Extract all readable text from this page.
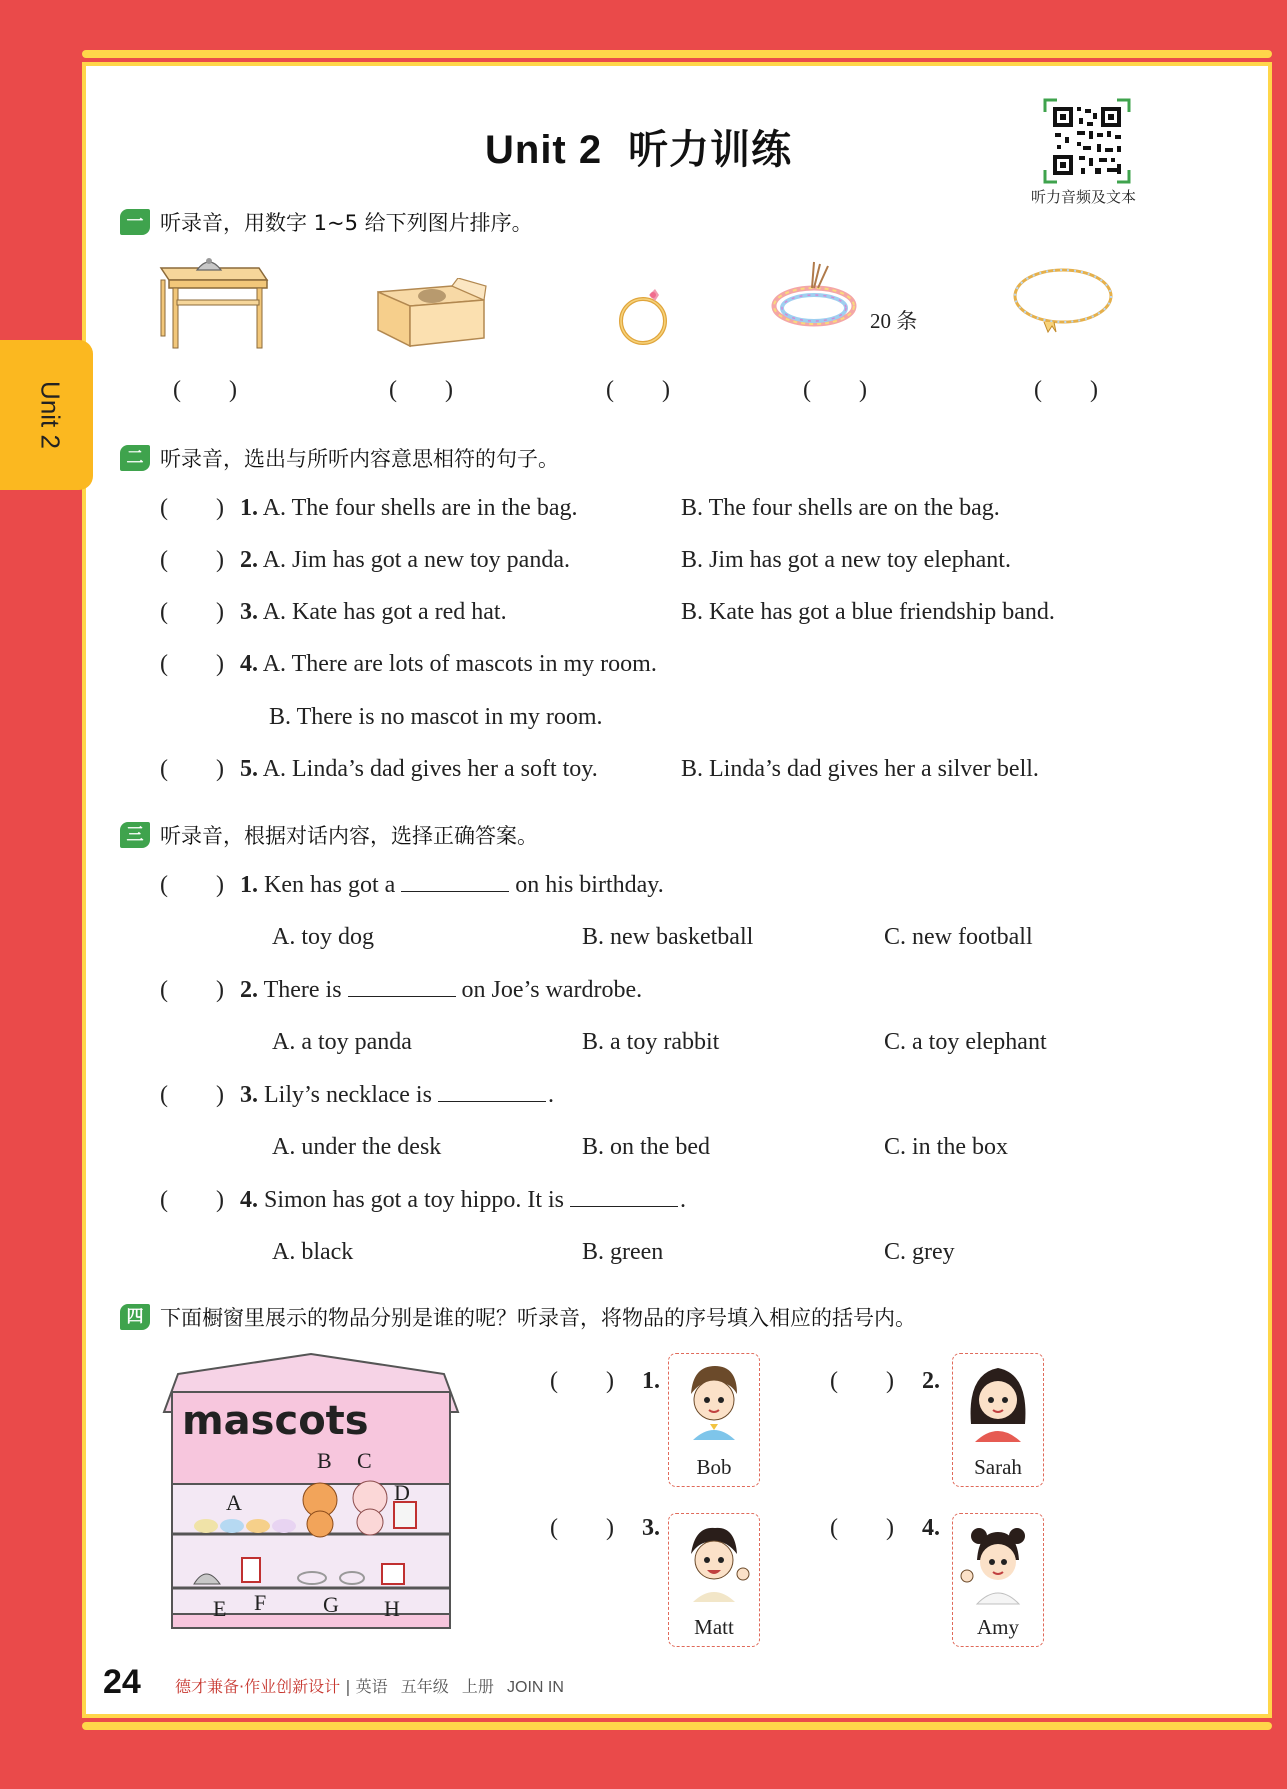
Unit 2
Unit 2 听力训练
听力音频及文本
一 听录音，用数字 1~5 给下列图片排序。
20 条
(        )	(        )	(        )	(        )	(        )
二 听录音，选出与所听内容意思相符的句子。
(        ) 1. A. The four shells are in the bag.	B. The four shells are on the bag.
(        ) 2. A. Jim has got a new toy panda.	B. Jim has got a new toy elephant.
(        ) 3. A. Kate has got a red hat.	B. Kate has got a blue friendship band.
(        ) 4. A. There are lots of mascots in my room.
B. There is no mascot in my room.
(        ) 5. A. Linda’s dad gives her a soft toy.	B. Linda’s dad gives her a silver bell.
三 听录音，根据对话内容，选择正确答案。
(        ) 1. Ken has got a	on his birthday.
A. toy dog	B. new basketball	C. new football
(        ) 2. There is	on Joe’s wardrobe.
A. a toy panda	B. a toy rabbit	C. a toy elephant
(        ) 3. Lily’s necklace is	.
A. under the desk	B. on the bed	C. in the box
(        ) 4. Simon has got a toy hippo. It is	.
A. black	B. green	C. grey
四 下面橱窗里展示的物品分别是谁的呢？听录音，将物品的序号填入相应的括号内。
mascots
A
B C
D
E F	G H
(        ) 1.
Bob
(        ) 2.
Sarah
(        ) 3.
Matt
(        ) 4.
Amy
24 德才兼备·作业创新设计 | 英语 五年级 上册 JOIN IN
